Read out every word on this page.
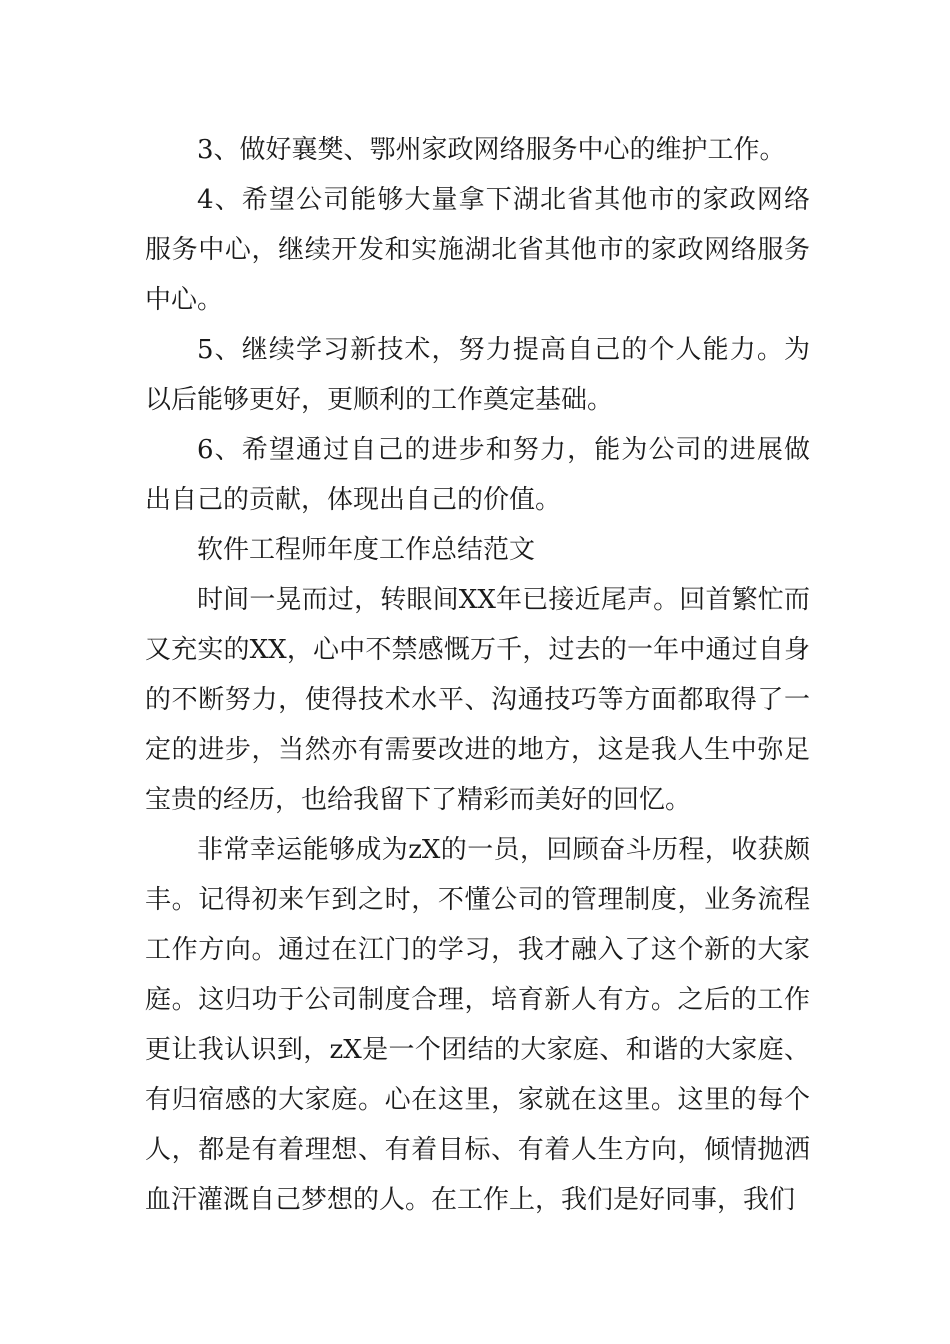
3、做好襄樊、鄂州家政网络服务中心的维护工作。

4、希望公司能够大量拿下湖北省其他市的家政网络服务中心，继续开发和实施湖北省其他市的家政网络服务中心。

5、继续学习新技术，努力提高自己的个人能力。为以后能够更好，更顺利的工作奠定基础。

6、希望通过自己的进步和努力，能为公司的进展做出自己的贡献，体现出自己的价值。

软件工程师年度工作总结范文

时间一晃而过，转眼间XX年已接近尾声。回首繁忙而又充实的XX，心中不禁感慨万千，过去的一年中通过自身的不断努力，使得技术水平、沟通技巧等方面都取得了一定的进步，当然亦有需要改进的地方，这是我人生中弥足宝贵的经历，也给我留下了精彩而美好的回忆。

非常幸运能够成为zX的一员，回顾奋斗历程，收获颇丰。记得初来乍到之时，不懂公司的管理制度，业务流程工作方向。通过在江门的学习，我才融入了这个新的大家庭。这归功于公司制度合理，培育新人有方。之后的工作更让我认识到，zX是一个团结的大家庭、和谐的大家庭、有归宿感的大家庭。心在这里，家就在这里。这里的每个人，都是有着理想、有着目标、有着人生方向，倾情抛洒血汗灌溉自己梦想的人。在工作上，我们是好同事，我们
